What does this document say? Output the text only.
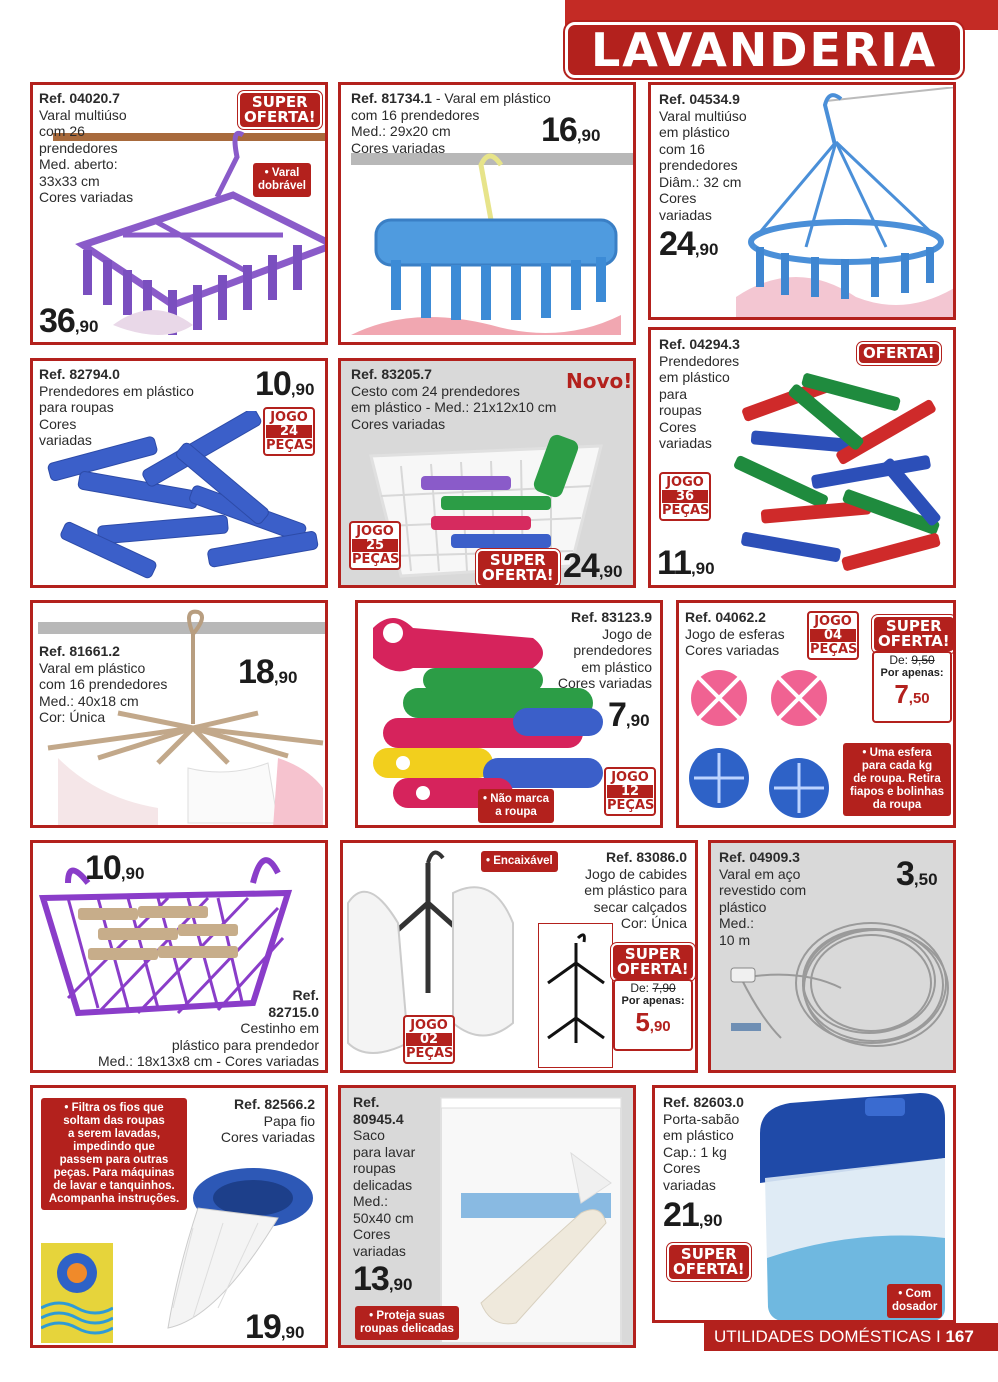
LAVANDERIA
Ref. 04020.7
Varal multiúso
com 26
prendedores
Med. aberto:
33x33 cm
Cores variadas
SUPER
OFERTA!
• Varal
dobrável
36,90
Ref. 81734.1 - Varal em plástico
com 16 prendedores
Med.: 29x20 cm
Cores variadas	16,90
Ref. 04534.9
Varal multiúso
em plástico
com 16
prendedores
Diâm.: 32 cm
Cores
variadas
24,90
Ref. 82794.0
Prendedores em plástico
para roupas
Cores
variadas
10,90
JOGO
24
PEÇAS
Novo!
Ref. 83205.7
Cesto com 24 prendedores
em plástico - Med.: 21x12x10 cm
Cores variadas
JOGO
25
PEÇAS	SUPER
OFERTA! 24,90
Ref. 04294.3
Prendedores
em plástico
para
roupas
Cores
variadas
OFERTA!
JOGO
36
PEÇAS
11,90
Ref. 81661.2
Varal em plástico
com 16 prendedores
Med.: 40x18 cm
Cor: Única
18,90
Ref. 83123.9
Jogo de
prendedores
em plástico
Cores variadas
7,90
• Não marca
a roupa
JOGO
12
PEÇAS
Ref. 04062.2
Jogo de esferas
Cores variadas
JOGO
04
PEÇAS
SUPER
OFERTA!
De: 9,50
Por apenas:
7,50
• Uma esfera
para cada kg
de roupa. Retira
fiapos e bolinhas
da roupa
10,90
Ref.
82715.0
Cestinho em
plástico para prendedor
Med.: 18x13x8 cm - Cores variadas
• Encaixável	Ref. 83086.0
Jogo de cabides
em plástico para
secar calçados
Cor: Única
SUPER
OFERTA!
De: 7,90
Por apenas:
5,90
JOGO
02
PEÇAS
Ref. 04909.3
Varal em aço
revestido com
plástico
Med.:
10 m
3,50
• Filtra os fios que
soltam das roupas
a serem lavadas,
impedindo que
passem para outras
peças. Para máquinas
de lavar e tanquinhos.
Acompanha instruções.
Ref. 82566.2
Papa fio
Cores variadas
19,90
Ref.
80945.4
Saco
para lavar
roupas
delicadas
Med.:
50x40 cm
Cores
variadas
13,90
• Proteja suas
roupas delicadas
Ref. 82603.0
Porta-sabão
em plástico
Cap.: 1 kg
Cores
variadas
21,90
SUPER
OFERTA!
• Com
dosador
UTILIDADES DOMÉSTICAS I 167
